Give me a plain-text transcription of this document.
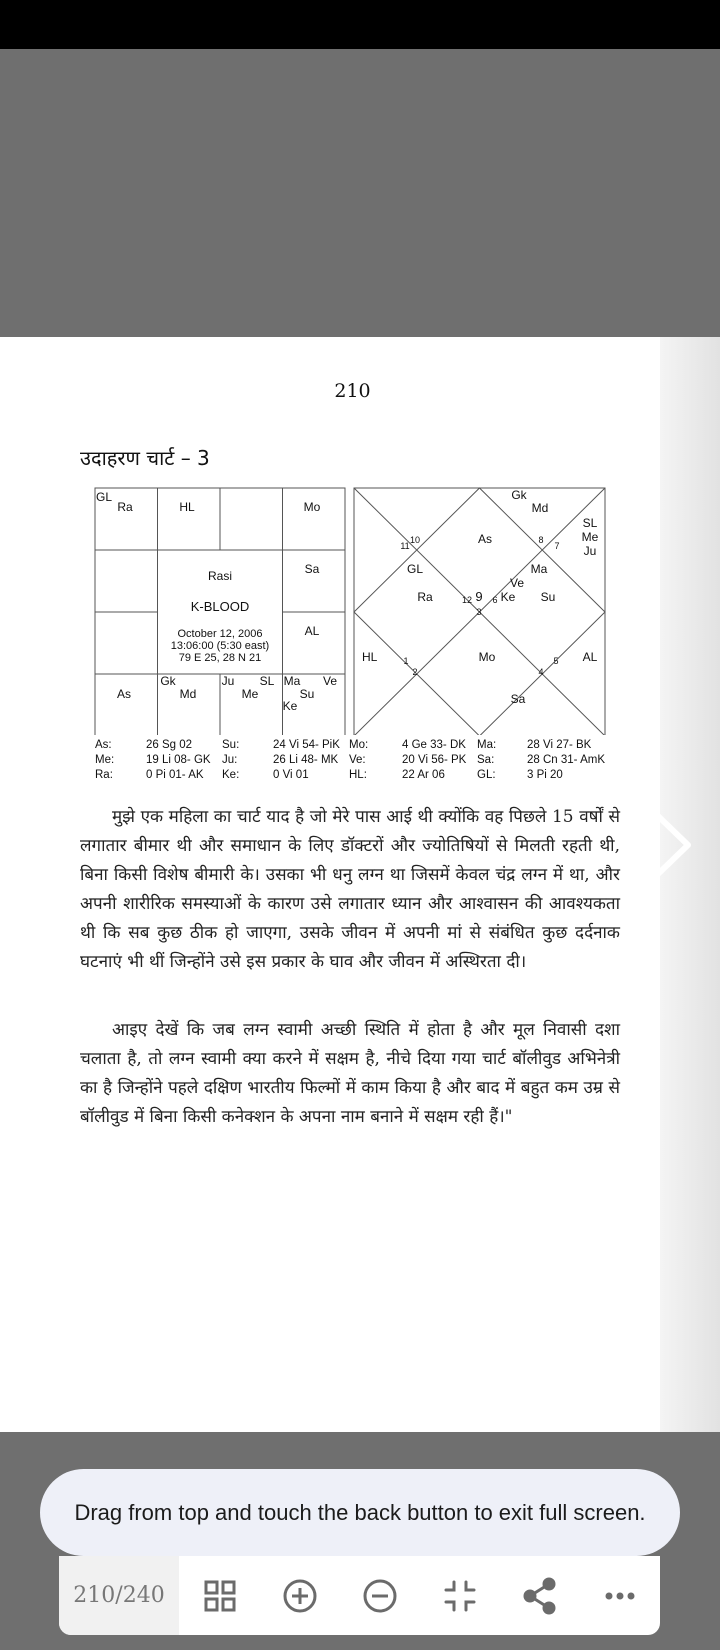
210
उदाहरण चार्ट – 3
GL
Ra	HL	Mo
Sa
AL
As
Gk
Md
Ju SL
Me
Ma Ve
Su
Ke
Rasi
K-BLOOD
October 12, 2006
13:06:00 (5:30 east)
79 E 25, 28 N 21
Gk
Md
SL
Me
Ju
11
10	As	8
7
GL	Ma
Ve
Ra	12 9 6 Ke Su
3
HL	1	Mo	5 AL
2	4
Sa
As:	26 Sg 02	Su:	24 Vi 54- PiK Mo:	4 Ge 33- DK Ma:	28 Vi 27- BK
Me:	19 Li 08- GK Ju:	26 Li 48- MK Ve:	20 Vi 56- PK Sa:	28 Cn 31- AmK
Ra:	0 Pi 01- AK Ke:	0 Vi 01	HL:	22 Ar 06	GL:	3 Pi 20

मुझे एक महिला का चार्ट याद है जो मेरे पास आई थी क्योंकि वह पिछले 15 वर्षों से लगातार बीमार थी और समाधान के लिए डॉक्टरों और ज्योतिषियों से मिलती रहती थी, बिना किसी विशेष बीमारी के। उसका भी धनु लग्न था जिसमें केवल चंद्र लग्न में था, और अपनी शारीरिक समस्याओं के कारण उसे लगातार ध्यान और आश्वासन की आवश्यकता थी कि सब कुछ ठीक हो जाएगा, उसके जीवन में अपनी मां से संबंधित कुछ दर्दनाक घटनाएं भी थीं जिन्होंने उसे इस प्रकार के घाव और जीवन में अस्थिरता दी।

आइए देखें कि जब लग्न स्वामी अच्छी स्थिति में होता है और मूल निवासी दशा चलाता है, तो लग्न स्वामी क्या करने में सक्षम है, नीचे दिया गया चार्ट बॉलीवुड अभिनेत्री का है जिन्होंने पहले दक्षिण भारतीय फिल्मों में काम किया है और बाद में बहुत कम उम्र से बॉलीवुड में बिना किसी कनेक्शन के अपना नाम बनाने में सक्षम रही हैं।"

Drag from top and touch the back button to exit full screen.
210/240
